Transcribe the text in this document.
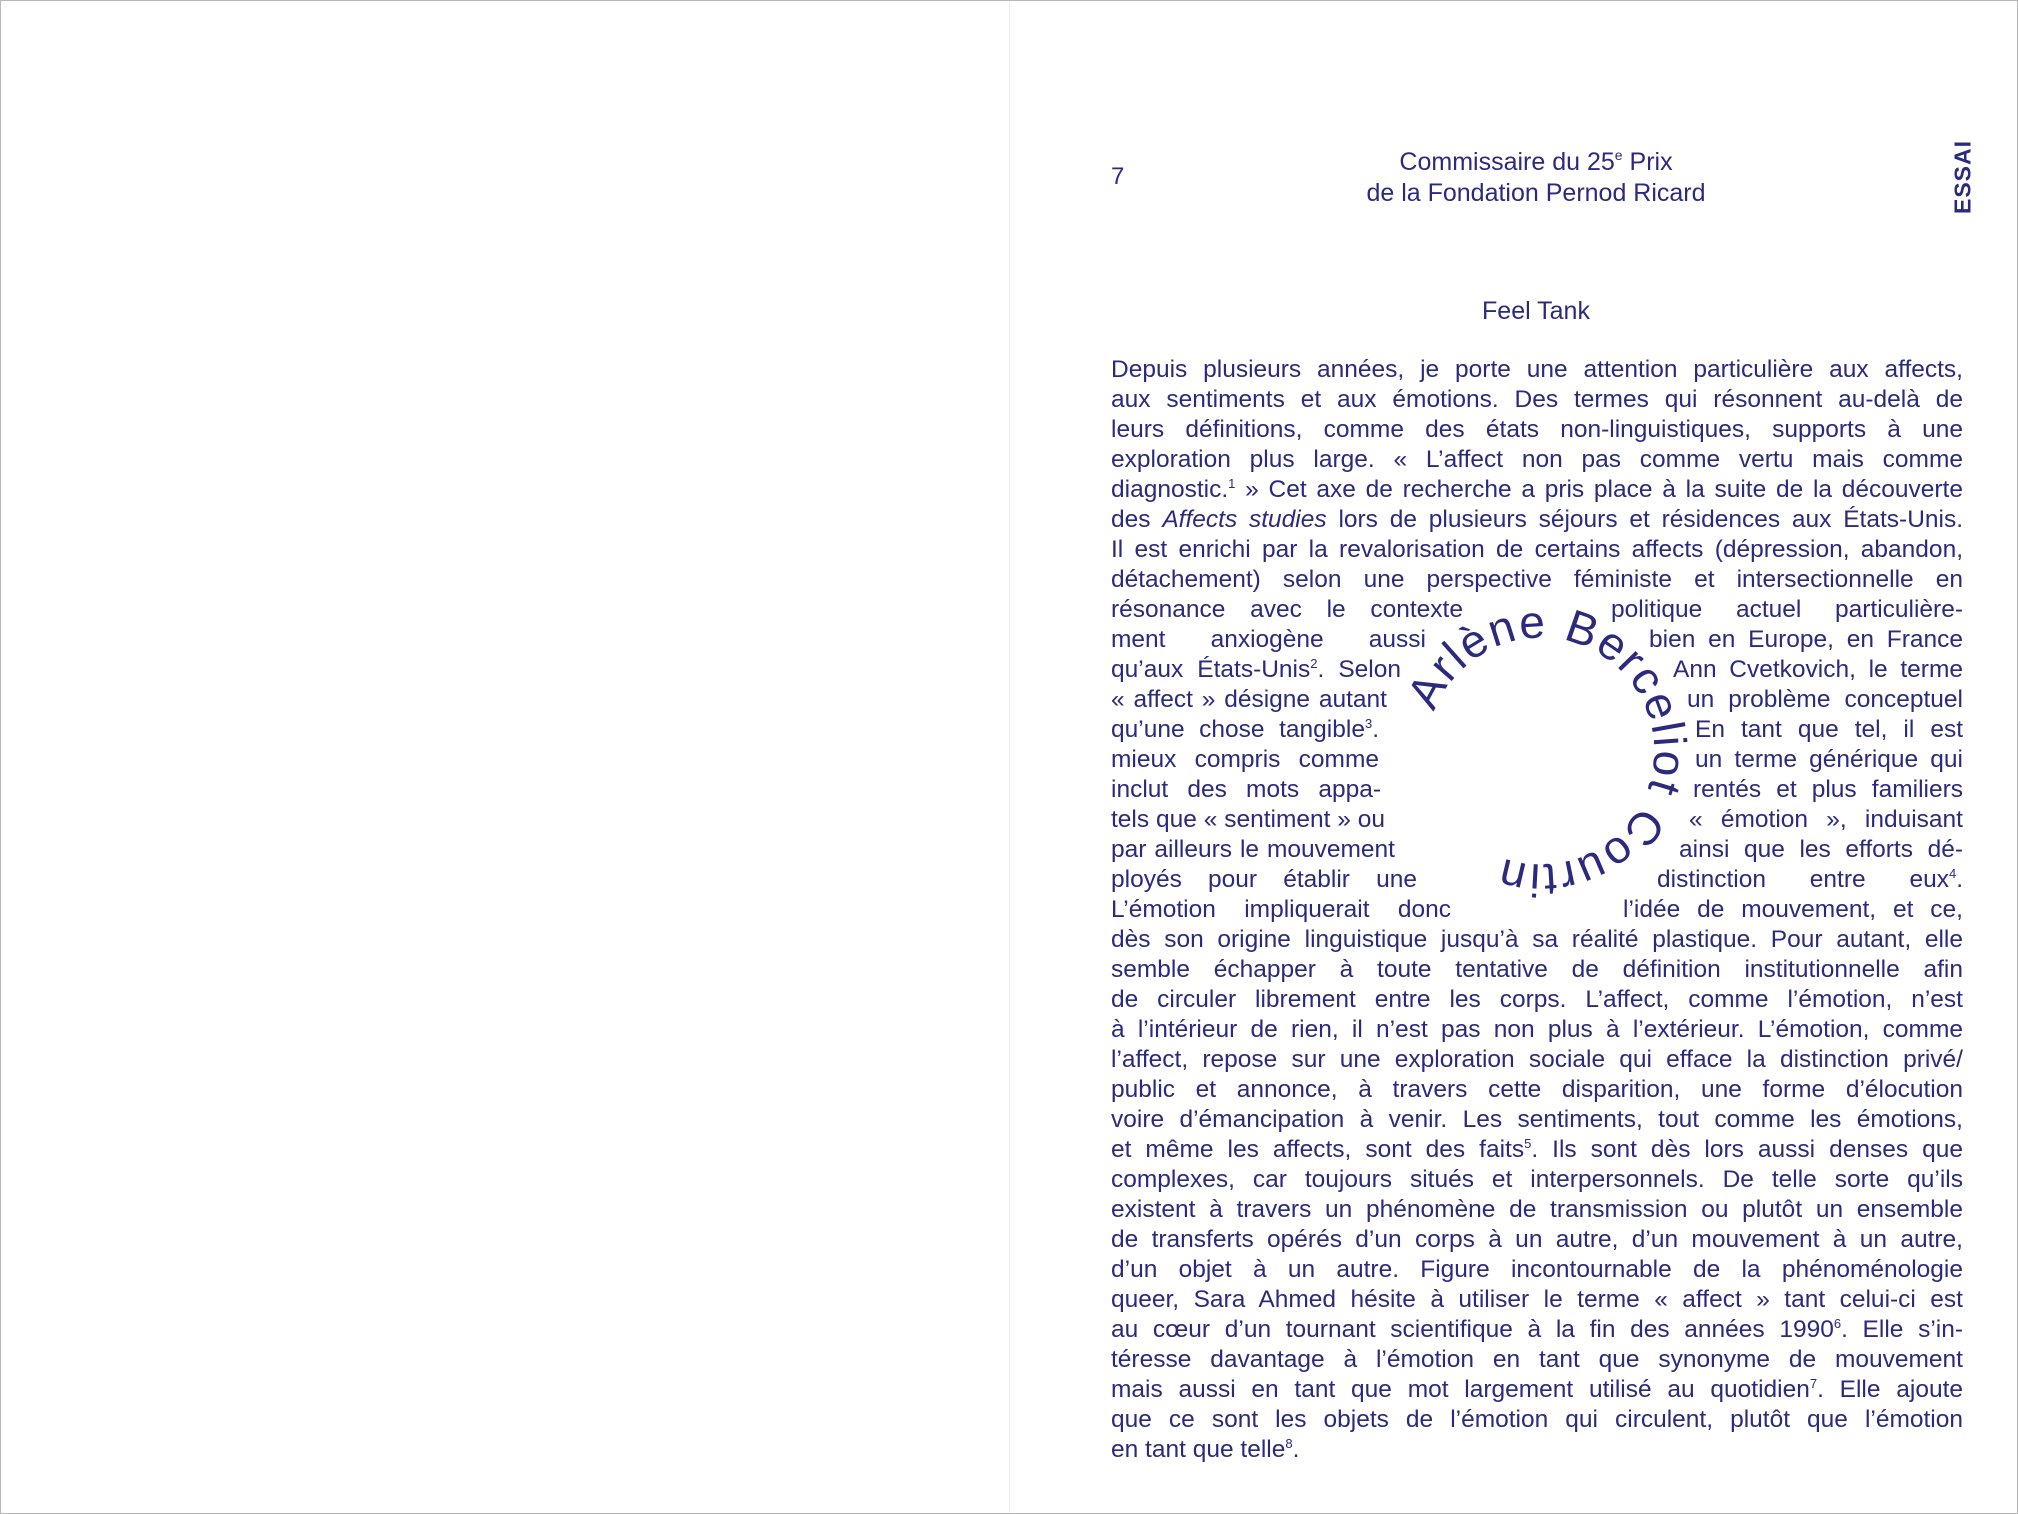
7
Commissaire du 25e Prix
de la Fondation Pernod Ricard	ESSAI
Feel Tank
Arlène Berceliot Courtin
Depuis plusieurs années, je porte une attention particulière aux affects,
aux sentiments et aux émotions. Des termes qui résonnent au-delà de
leurs définitions, comme des états non-linguistiques, supports à une
exploration plus large. « L’affect non pas comme vertu mais comme
diagnostic.$^1$ » Cet axe de recherche a pris place à la suite de la découverte
des Affects studies lors de plusieurs séjours et résidences aux États-Unis.
Il est enrichi par la revalorisation de certains affects (dépression, abandon,
détachement) selon une perspective féministe et intersectionnelle en
résonance avec le contexte	politique actuel particulière-
ment anxiogène aussi	bien en Europe, en France
qu’aux États-Unis$^2$. Selon	Ann Cvetkovich, le terme
« affect » désigne autant	un problème conceptuel
qu’une chose tangible$^3$.	En tant que tel, il est
mieux compris comme	un terme générique qui
inclut des mots appa-	rentés et plus familiers
tels que « sentiment » ou	« émotion », induisant
par ailleurs le mouvement	ainsi que les efforts dé-
ployés pour établir une	distinction entre eux$^4$.
L’émotion impliquerait donc	l’idée de mouvement, et ce,
dès son origine linguistique jusqu’à sa réalité plastique. Pour autant, elle
semble échapper à toute tentative de définition institutionnelle afin
de circuler librement entre les corps. L’affect, comme l’émotion, n’est
à l’intérieur de rien, il n’est pas non plus à l’extérieur. L’émotion, comme
l’affect, repose sur une exploration sociale qui efface la distinction privé/
public et annonce, à travers cette disparition, une forme d’élocution
voire d’émancipation à venir. Les sentiments, tout comme les émotions,
et même les affects, sont des faits$^5$. Ils sont dès lors aussi denses que
complexes, car toujours situés et interpersonnels. De telle sorte qu’ils
existent à travers un phénomène de transmission ou plutôt un ensemble
de transferts opérés d’un corps à un autre, d’un mouvement à un autre,
d’un objet à un autre. Figure incontournable de la phénoménologie
queer, Sara Ahmed hésite à utiliser le terme « affect » tant celui-ci est
au cœur d’un tournant scientifique à la fin des années 1990$^6$. Elle s’in-
téresse davantage à l’émotion en tant que synonyme de mouvement
mais aussi en tant que mot largement utilisé au quotidien$^7$. Elle ajoute
que ce sont les objets de l’émotion qui circulent, plutôt que l’émotion
en tant que telle$^8$.
